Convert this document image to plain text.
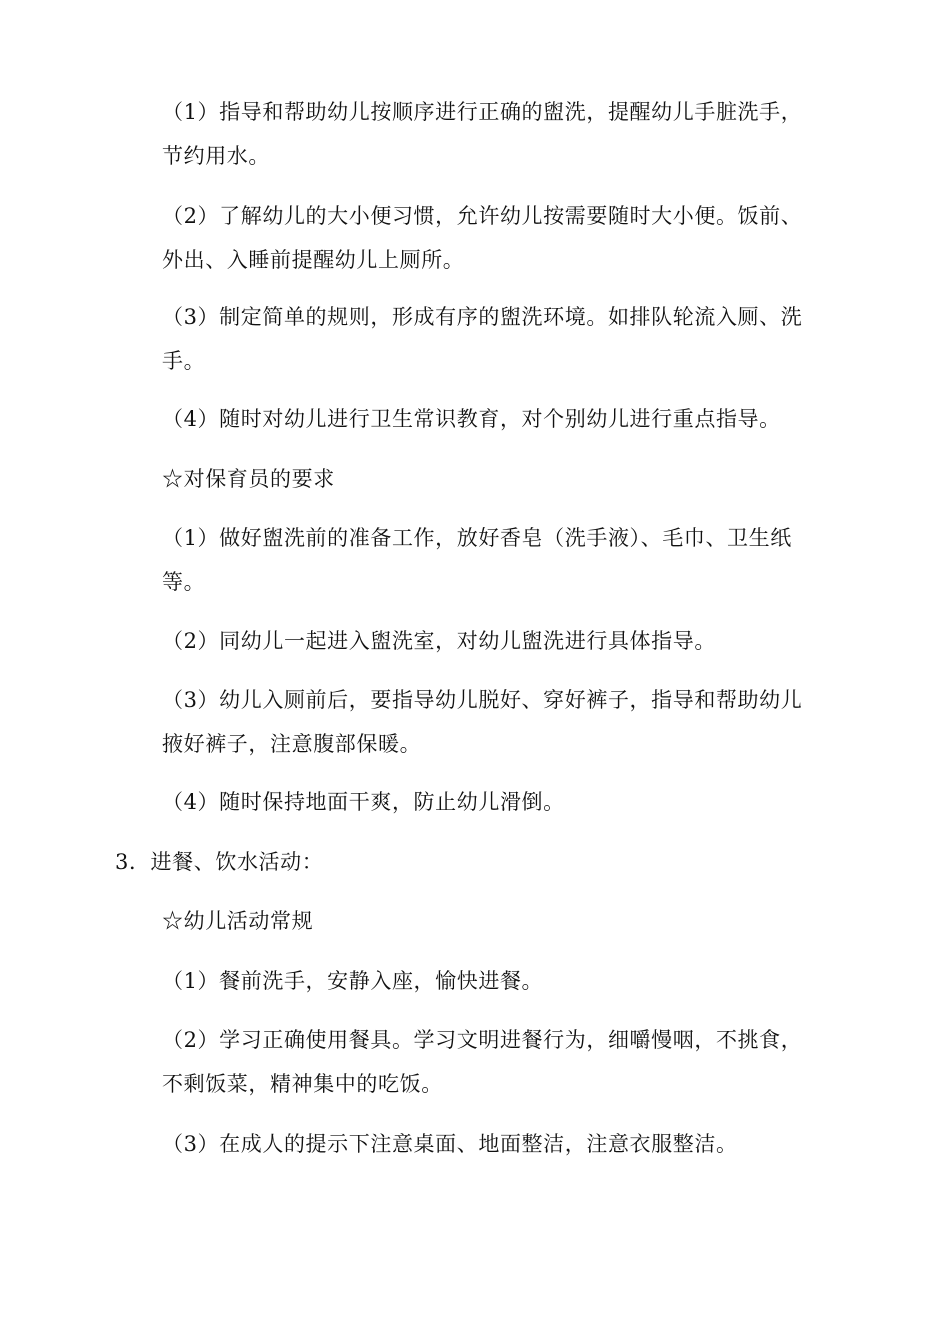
（1）指导和帮助幼儿按顺序进行正确的盥洗，提醒幼儿手脏洗手，
节约用水。

（2）了解幼儿的大小便习惯，允许幼儿按需要随时大小便。饭前、
外出、入睡前提醒幼儿上厕所。

（3）制定简单的规则，形成有序的盥洗环境。如排队轮流入厕、洗
手。

（4）随时对幼儿进行卫生常识教育，对个别幼儿进行重点指导。

☆对保育员的要求

（1）做好盥洗前的准备工作，放好香皂（洗手液）、毛巾、卫生纸
等。

（2）同幼儿一起进入盥洗室，对幼儿盥洗进行具体指导。

（3）幼儿入厕前后，要指导幼儿脱好、穿好裤子，指导和帮助幼儿
掖好裤子，注意腹部保暖。

（4）随时保持地面干爽，防止幼儿滑倒。

3．进餐、饮水活动：

☆幼儿活动常规

（1）餐前洗手，安静入座，愉快进餐。

（2）学习正确使用餐具。学习文明进餐行为，细嚼慢咽，不挑食，
不剩饭菜，精神集中的吃饭。

（3）在成人的提示下注意桌面、地面整洁，注意衣服整洁。
